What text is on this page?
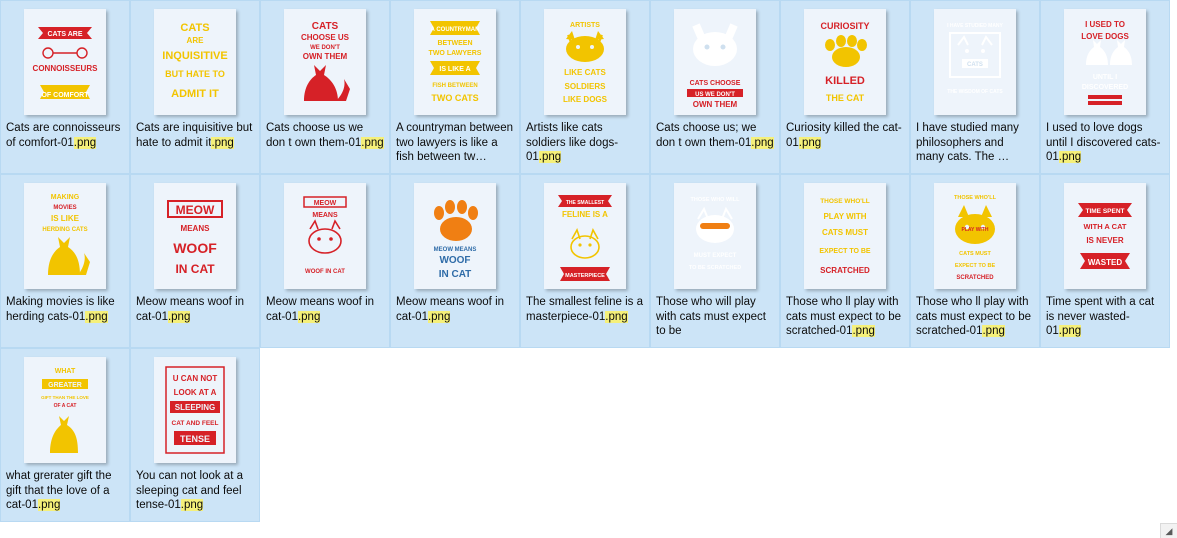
CATS ARE
CONNOISSEURS
OF COMFORT
Cats are connoisseurs of comfort-01.png
CATS
ARE
INQUISITIVE
BUT HATE TO
ADMIT IT
Cats are inquisitive but hate to admit it.png
CATS
CHOOSE US
WE DON'T
OWN THEM
Cats choose us we don t own them-01.png
A COUNTRYMAN
BETWEEN
TWO LAWYERS
IS LIKE A
FISH BETWEEN
TWO CATS
A countryman between two lawyers is like a fish between tw…
ARTISTS
LIKE CATS
SOLDIERS
LIKE DOGS
Artists like cats soldiers like dogs-01.png
CATS CHOOSE
US WE DON'T
OWN THEM
Cats choose us; we don t own them-01.png
CURIOSITY
KILLED
THE CAT
Curiosity killed the cat-01.png
I HAVE STUDIED MANY
CATS
THE WISDOM OF CATS
I have studied many philosophers and many cats. The …
I USED TO
LOVE DOGS
UNTIL I
DISCOVERED
I used to love dogs until I discovered cats-01.png
MAKING
MOVIES
IS LIKE
HERDING CATS
Making movies is like herding cats-01.png
MEOW
MEANS
WOOF
IN CAT
Meow means woof in cat-01.png
MEOW
MEANS
WOOF IN CAT
Meow means woof in cat-01.png
MEOW MEANS
WOOF
IN CAT
Meow means woof in cat-01.png
THE SMALLEST
FELINE IS A
MASTERPIECE
The smallest feline is a masterpiece-01.png
THOSE WHO WILL
MUST EXPECT
TO BE SCRATCHED
Those who will play with cats must expect to be
THOSE WHO'LL
PLAY WITH
CATS MUST
EXPECT TO BE
SCRATCHED
Those who ll play with cats must expect to be scratched-01.png
THOSE WHO'LL
PLAY WITH
CATS MUST
EXPECT TO BE
SCRATCHED
Those who ll play with cats must expect to be scratched-01.png
TIME SPENT
WITH A CAT
IS NEVER
WASTED
Time spent with a cat is never wasted-01.png
WHAT
GREATER
GIFT THAN THE LOVE
OF A CAT
what grerater gift the gift that the love of a cat-01.png
U CAN NOT
LOOK AT A
SLEEPING
CAT AND FEEL
TENSE
You can not look at a sleeping cat and feel tense-01.png
◢
